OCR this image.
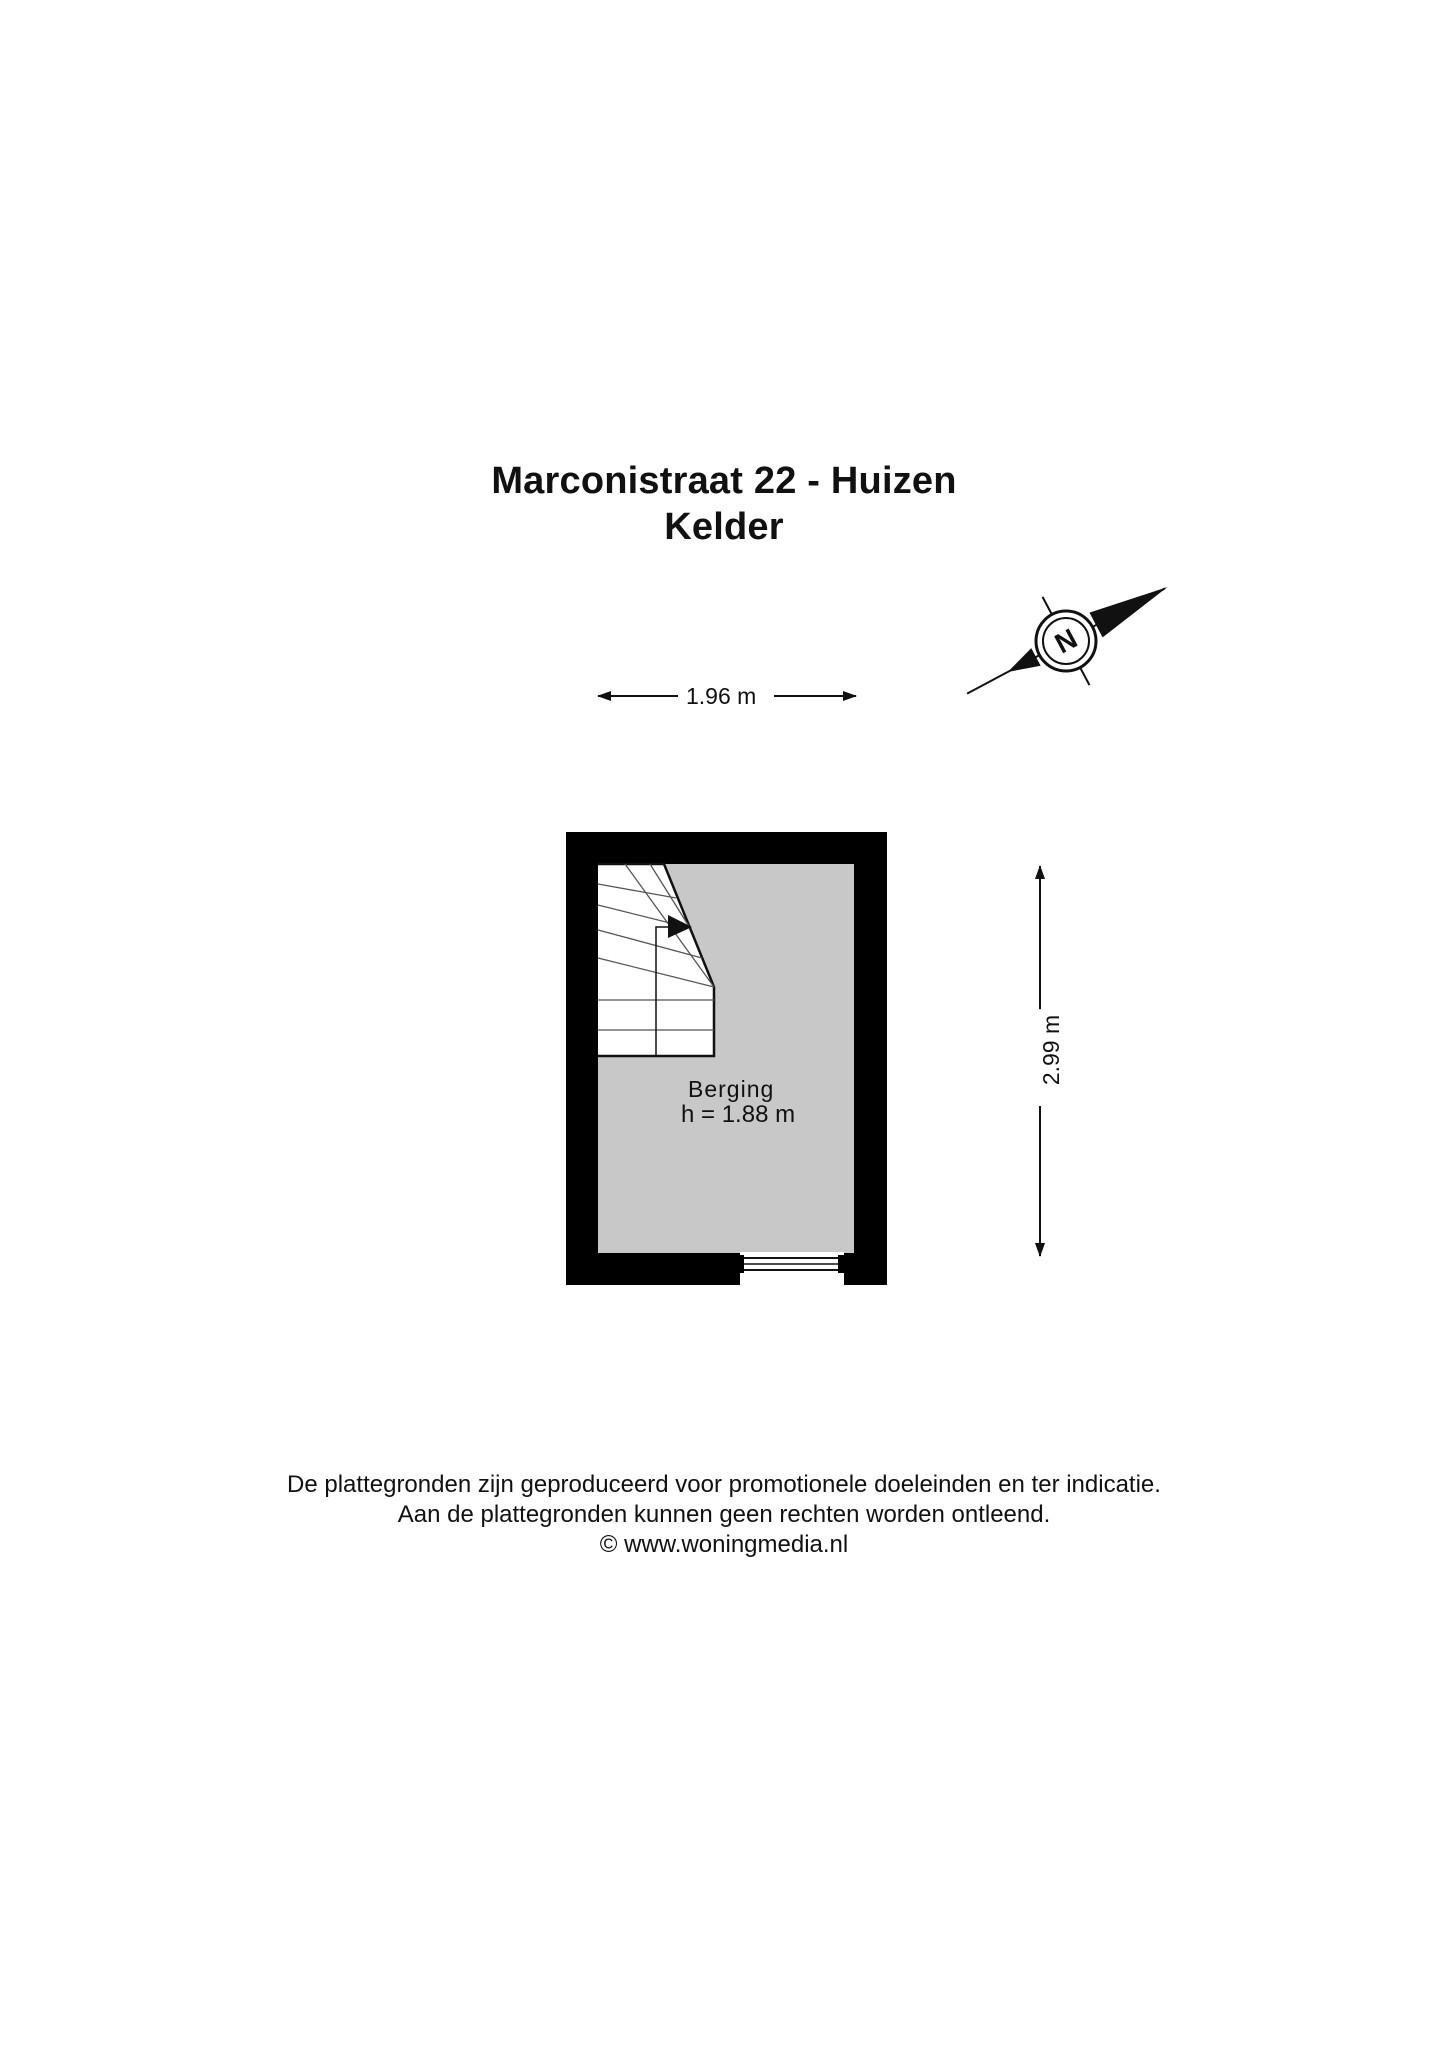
Marconistraat 22 - Huizen
Kelder
N
1.96 m
2.99 m
Berging
h = 1.88 m
De plattegronden zijn geproduceerd voor promotionele doeleinden en ter indicatie.
Aan de plattegronden kunnen geen rechten worden ontleend.
© www.woningmedia.nl
